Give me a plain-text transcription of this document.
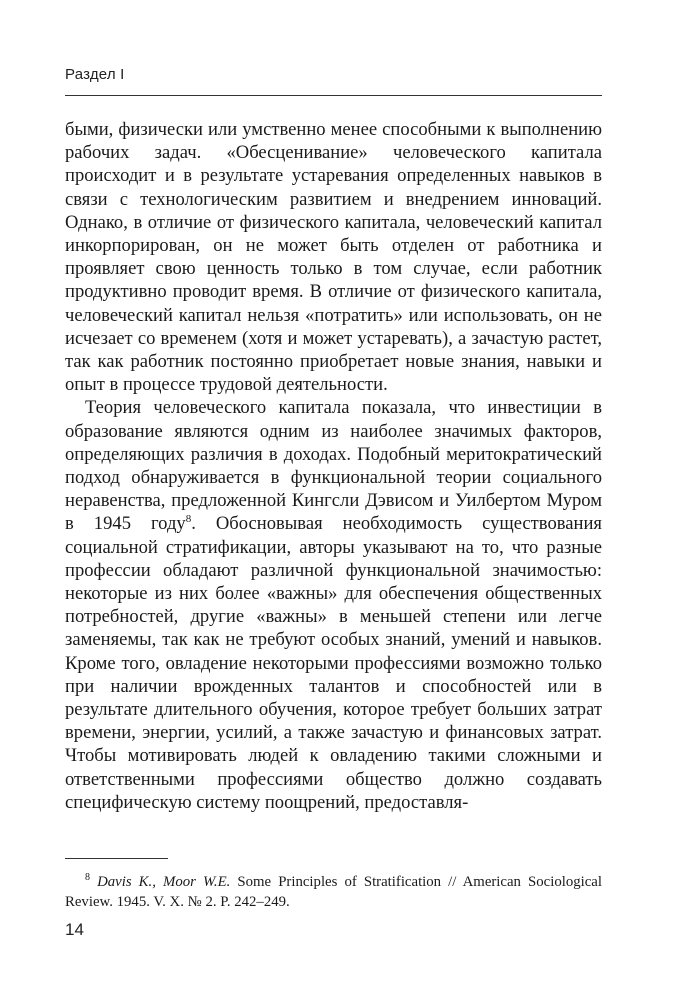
Раздел I

быми, физически или умственно менее способными к выполнению рабочих задач. «Обесценивание» человеческого капитала происходит и в результате устаревания определенных навыков в связи с технологическим развитием и внедрением инноваций. Однако, в отличие от физического капитала, человеческий капитал инкорпорирован, он не может быть отделен от работника и проявляет свою ценность только в том случае, если работник продуктивно проводит время. В отличие от физического капитала, человеческий капитал нельзя «потратить» или использовать, он не исчезает со временем (хотя и может устаревать), а зачастую растет, так как работник постоянно приобретает новые знания, навыки и опыт в процессе трудовой деятельности.

Теория человеческого капитала показала, что инвестиции в образование являются одним из наиболее значимых факторов, определяющих различия в доходах. Подобный меритократический подход обнаруживается в функциональной теории социального неравенства, предложенной Кингсли Дэвисом и Уилбертом Муром в 1945 году$^8$. Обосновывая необходимость существования социальной стратификации, авторы указывают на то, что разные профессии обладают различной функциональной значимостью: некоторые из них более «важны» для обеспечения общественных потребностей, другие «важны» в меньшей степени или легче заменяемы, так как не требуют особых знаний, умений и навыков. Кроме того, овладение некоторыми профессиями возможно только при наличии врожденных талантов и способностей или в результате длительного обучения, которое требует больших затрат времени, энергии, усилий, а также зачастую и финансовых затрат. Чтобы мотивировать людей к овладению такими сложными и ответственными профессиями общество должно создавать специфическую систему поощрений, предоставля-

$^8$ Davis K., Moor W.E. Some Principles of Stratification // American Sociological Review. 1945. V. X. № 2. P. 242–249.
14
